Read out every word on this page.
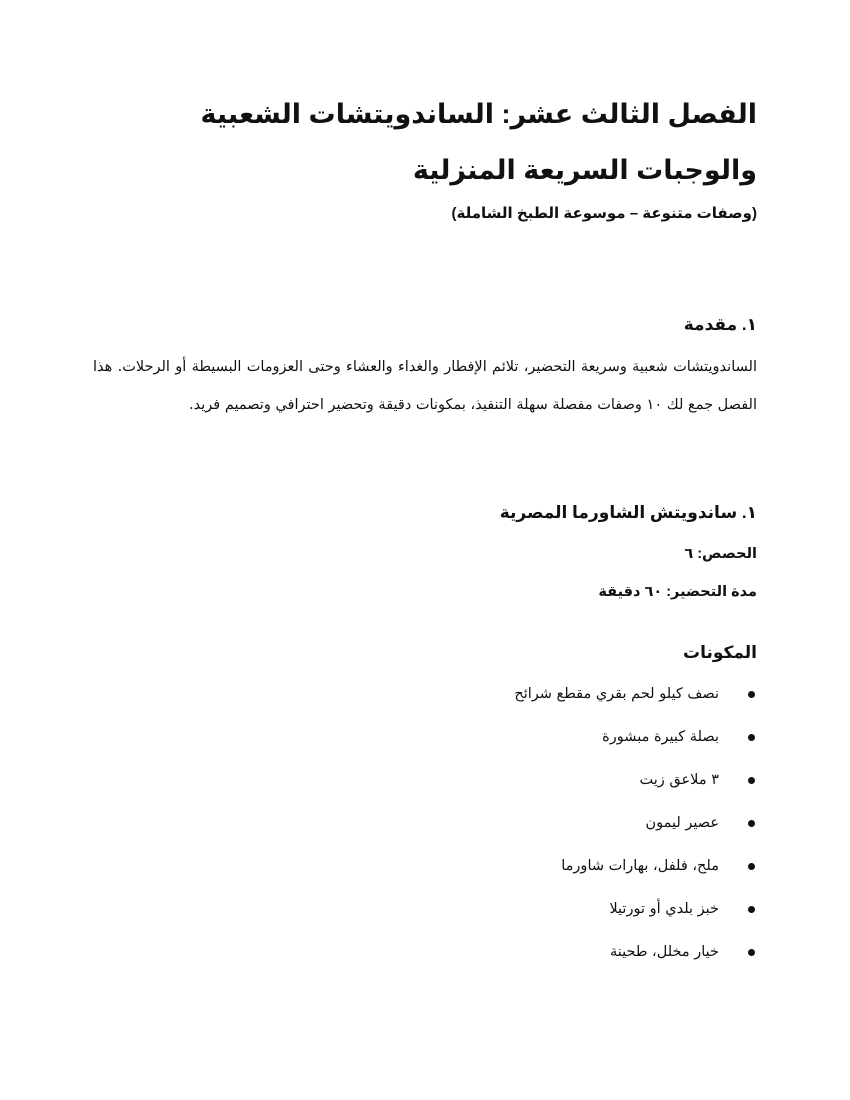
الفصل الثالث عشر: الساندويتشات الشعبية والوجبات السريعة المنزلية

(وصفات متنوعة – موسوعة الطبخ الشاملة)

١. مقدمة

الساندويتشات شعبية وسريعة التحضير، تلائم الإفطار والغداء والعشاء وحتى العزومات البسيطة أو الرحلات. هذا الفصل جمع لك ١٠ وصفات مفصلة سهلة التنفيذ، بمكونات دقيقة وتحضير احترافي وتصميم فريد.

١. ساندويتش الشاورما المصرية

الحصص: ٦

مدة التحضير: ٦٠ دقيقة

المكونات
نصف كيلو لحم بقري مقطع شرائح
بصلة كبيرة مبشورة
٣ ملاعق زيت
عصير ليمون
ملح، فلفل، بهارات شاورما
خبز بلدي أو تورتيلا
خيار مخلل، طحينة
